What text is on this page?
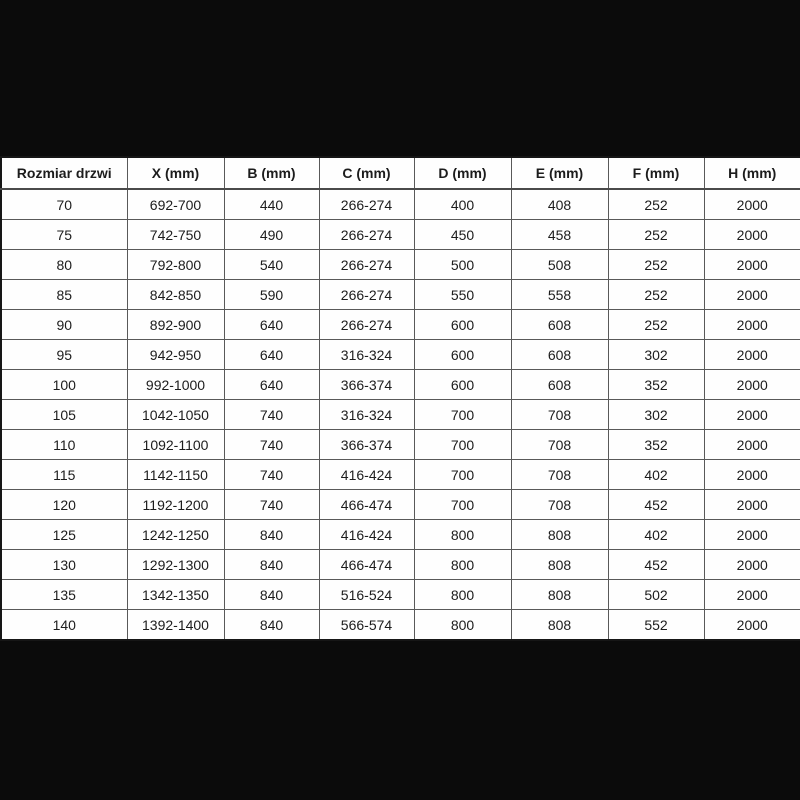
Rozmiar drzwi	X (mm)	B (mm)	C (mm)	D (mm)	E (mm)	F (mm)	H (mm)
70	692-700	440	266-274	400	408	252	2000
75	742-750	490	266-274	450	458	252	2000
80	792-800	540	266-274	500	508	252	2000
85	842-850	590	266-274	550	558	252	2000
90	892-900	640	266-274	600	608	252	2000
95	942-950	640	316-324	600	608	302	2000
100	992-1000	640	366-374	600	608	352	2000
105	1042-1050	740	316-324	700	708	302	2000
110	1092-1100	740	366-374	700	708	352	2000
115	1142-1150	740	416-424	700	708	402	2000
120	1192-1200	740	466-474	700	708	452	2000
125	1242-1250	840	416-424	800	808	402	2000
130	1292-1300	840	466-474	800	808	452	2000
135	1342-1350	840	516-524	800	808	502	2000
140	1392-1400	840	566-574	800	808	552	2000
